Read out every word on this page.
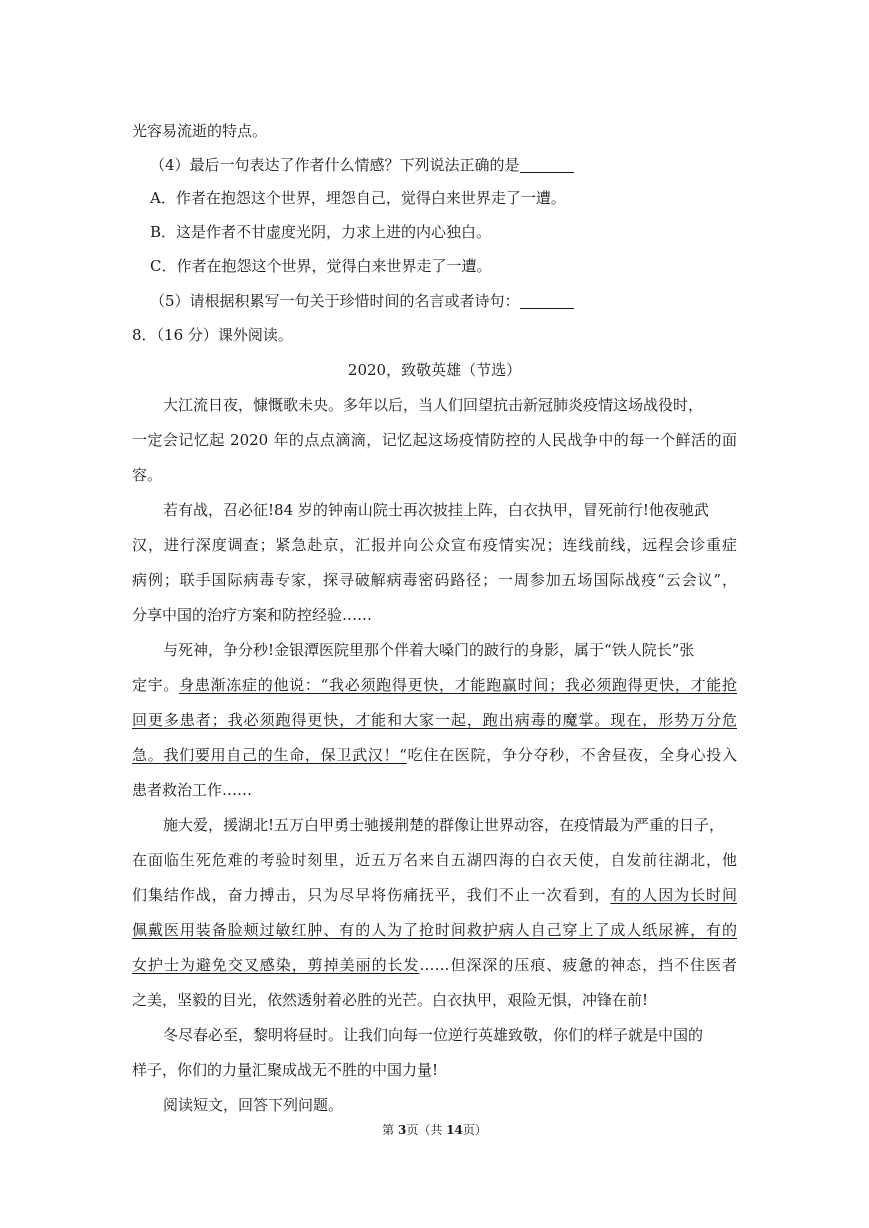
光容易流逝的特点。
（4）最后一句表达了作者什么情感？下列说法正确的是
A．作者在抱怨这个世界，埋怨自己，觉得白来世界走了一遭。
B．这是作者不甘虚度光阴，力求上进的内心独白。
C．作者在抱怨这个世界，觉得白来世界走了一遭。
（5）请根据积累写一句关于珍惜时间的名言或者诗句：
8．（16 分）课外阅读。
2020，致敬英雄（节选）
大江流日夜，慷慨歌未央。多年以后，当人们回望抗击新冠肺炎疫情这场战役时，
一定会记忆起 2020 年的点点滴滴，记忆起这场疫情防控的人民战争中的每一个鲜活的面
容。
若有战，召必征!84 岁的钟南山院士再次披挂上阵，白衣执甲，冒死前行!他夜驰武
汉，进行深度调查；紧急赴京，汇报并向公众宣布疫情实况；连线前线，远程会诊重症
病例；联手国际病毒专家，探寻破解病毒密码路径；一周参加五场国际战疫“云会议”，
分享中国的治疗方案和防控经验……
与死神，争分秒!金银潭医院里那个伴着大嗓门的跛行的身影，属于“铁人院长”张
定宇。身患渐冻症的他说：“我必须跑得更快，才能跑赢时间；我必须跑得更快，才能抢
回更多患者；我必须跑得更快，才能和大家一起，跑出病毒的魔掌。现在，形势万分危
急。我们要用自己的生命，保卫武汉！“吃住在医院，争分夺秒，不舍昼夜，全身心投入
患者救治工作……
施大爱，援湖北!五万白甲勇士驰援荆楚的群像让世界动容，在疫情最为严重的日子，
在面临生死危难的考验时刻里，近五万名来自五湖四海的白衣天使，自发前往湖北，他
们集结作战，奋力搏击，只为尽早将伤痛抚平，我们不止一次看到，有的人因为长时间
佩戴医用装备脸颊过敏红肿、有的人为了抢时间救护病人自己穿上了成人纸尿裤，有的
女护士为避免交叉感染，剪掉美丽的长发……但深深的压痕、疲惫的神态，挡不住医者
之美，坚毅的目光，依然透射着必胜的光芒。白衣执甲，艰险无惧，冲锋在前!
冬尽春必至，黎明将昼时。让我们向每一位逆行英雄致敬，你们的样子就是中国的
样子，你们的力量汇聚成战无不胜的中国力量!
阅读短文，回答下列问题。
第 3页（共 14页）
